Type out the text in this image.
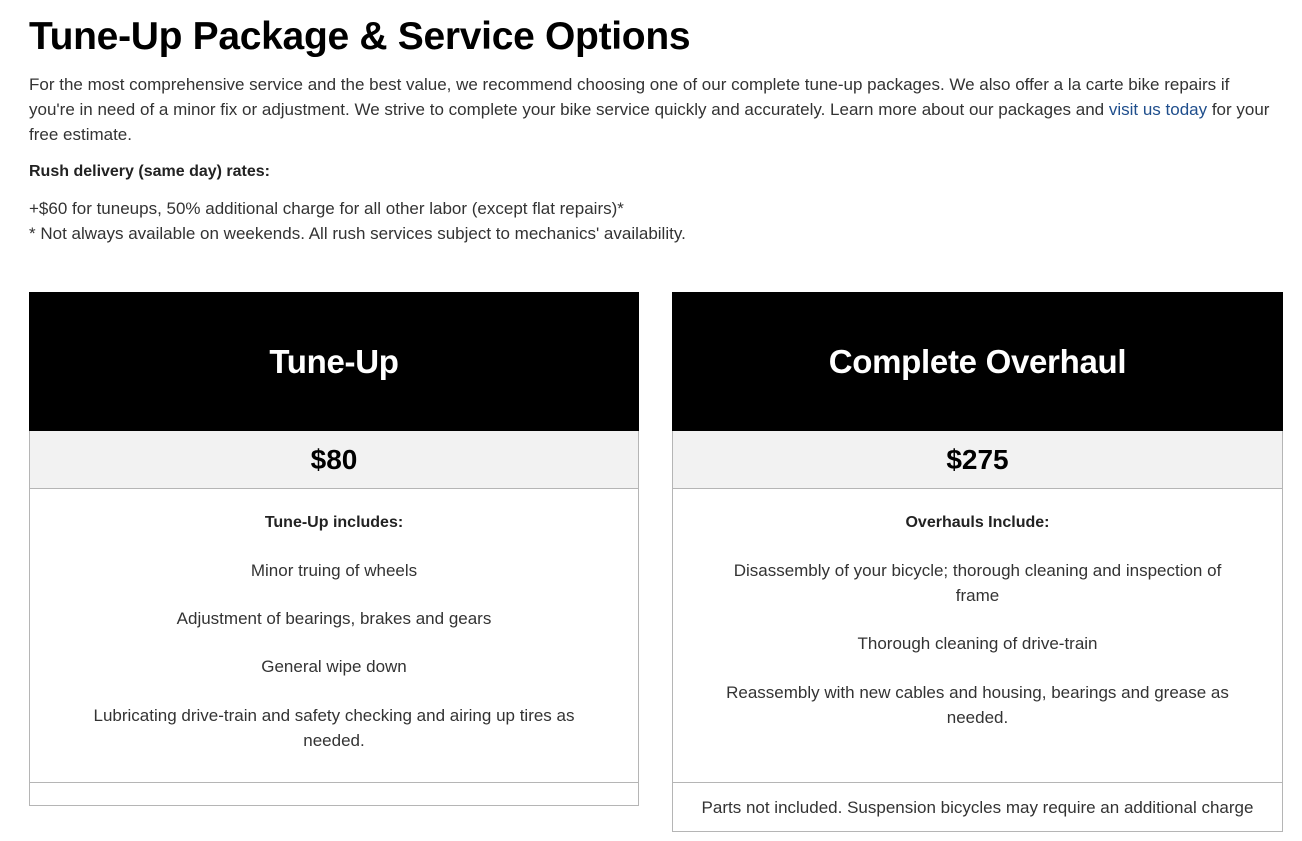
Tune-Up Package & Service Options

For the most comprehensive service and the best value, we recommend choosing one of our complete tune-up packages. We also offer a la carte bike repairs if you're in need of a minor fix or adjustment. We strive to complete your bike service quickly and accurately. Learn more about our packages and visit us today for your free estimate.

Rush delivery (same day) rates:

+$60 for tuneups, 50% additional charge for all other labor (except flat repairs)*
* Not always available on weekends. All rush services subject to mechanics' availability.

Tune-Up
$80
Tune-Up includes:
Minor truing of wheels
Adjustment of bearings, brakes and gears
General wipe down
Lubricating drive-train and safety checking and airing up tires as needed.
Complete Overhaul
$275
Overhauls Include:
Disassembly of your bicycle; thorough cleaning and inspection of frame
Thorough cleaning of drive-train
Reassembly with new cables and housing, bearings and grease as needed.
Parts not included. Suspension bicycles may require an additional charge
